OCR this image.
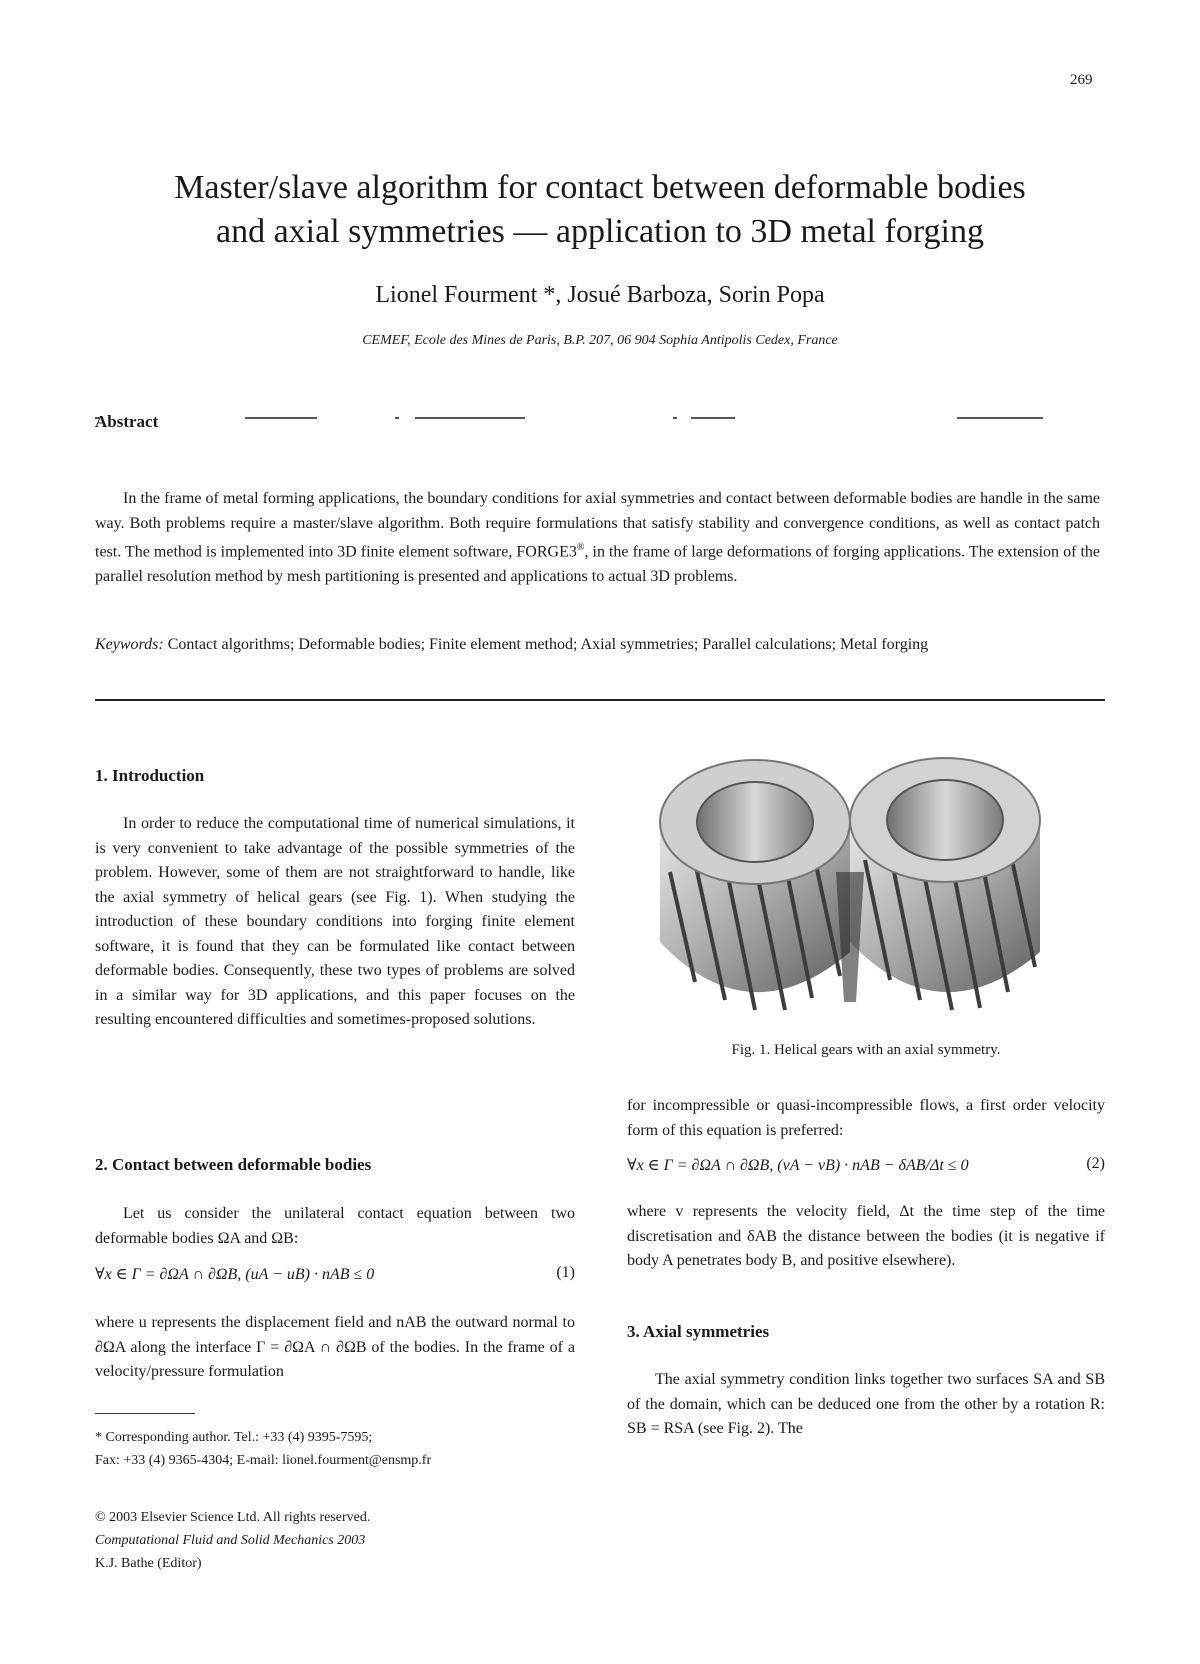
269
Master/slave algorithm for contact between deformable bodies
and axial symmetries — application to 3D metal forging
Lionel Fourment *, Josué Barboza, Sorin Popa
CEMEF, Ecole des Mines de Paris, B.P. 207, 06 904 Sophia Antipolis Cedex, France
Abstract

In the frame of metal forming applications, the boundary conditions for axial symmetries and contact between deformable bodies are handle in the same way. Both problems require a master/slave algorithm. Both require formulations that satisfy stability and convergence conditions, as well as contact patch test. The method is implemented into 3D finite element software, FORGE3®, in the frame of large deformations of forging applications. The extension of the parallel resolution method by mesh partitioning is presented and applications to actual 3D problems.

Keywords: Contact algorithms; Deformable bodies; Finite element method; Axial symmetries; Parallel calculations; Metal forging
1. Introduction

In order to reduce the computational time of numerical simulations, it is very convenient to take advantage of the possible symmetries of the problem. However, some of them are not straightforward to handle, like the axial symmetry of helical gears (see Fig. 1). When studying the introduction of these boundary conditions into forging finite element software, it is found that they can be formulated like contact between deformable bodies. Consequently, these two types of problems are solved in a similar way for 3D applications, and this paper focuses on the resulting encountered difficulties and sometimes-proposed solutions.

2. Contact between deformable bodies

Let us consider the unilateral contact equation between two deformable bodies ΩA and ΩB:

∀x ∈ Γ = ∂ΩA ∩ ∂ΩB, (uA − uB) · nAB ≤ 0	(1)

where u represents the displacement field and nAB the outward normal to ∂ΩA along the interface Γ = ∂ΩA ∩ ∂ΩB of the bodies. In the frame of a velocity/pressure formulation

* Corresponding author. Tel.: +33 (4) 9395-7595;
Fax: +33 (4) 9365-4304; E-mail: lionel.fourment@ensmp.fr
© 2003 Elsevier Science Ltd. All rights reserved.
Computational Fluid and Solid Mechanics 2003
K.J. Bathe (Editor)
Fig. 1. Helical gears with an axial symmetry.

for incompressible or quasi-incompressible flows, a first order velocity form of this equation is preferred:

∀x ∈ Γ = ∂ΩA ∩ ∂ΩB, (vA − vB) · nAB − δAB/Δt ≤ 0	(2)

where v represents the velocity field, Δt the time step of the time discretisation and δAB the distance between the bodies (it is negative if body A penetrates body B, and positive elsewhere).

3. Axial symmetries

The axial symmetry condition links together two surfaces SA and SB of the domain, which can be deduced one from the other by a rotation R: SB = RSA (see Fig. 2). The
